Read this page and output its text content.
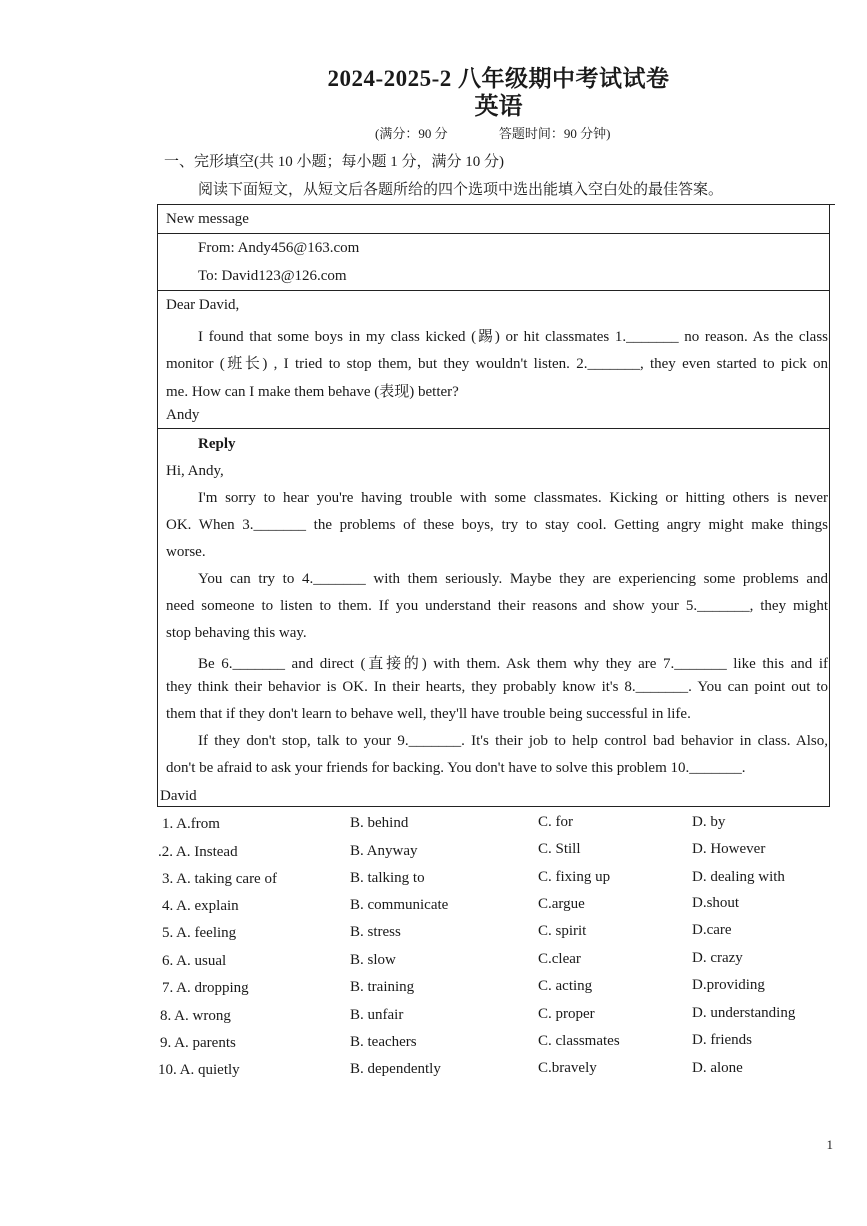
2024-2025-2 八年级期中考试试卷
英语
(满分：90 分	答题时间：90 分钟)
一、完形填空(共 10 小题；每小题 1 分，满分 10 分)
阅读下面短文，从短文后各题所给的四个选项中选出能填入空白处的最佳答案。
New message
From: Andy456@163.com
To: David123@126.com
Dear David,
I found that some boys in my class kicked (踢) or hit classmates 1._______ no reason. As the class
monitor (班长) , I tried to stop them, but they wouldn't listen. 2._______, they even started to pick on
me. How can I make them behave (表现) better?
Andy
Reply
Hi, Andy,
I'm sorry to hear you're having trouble with some classmates. Kicking or hitting others is never
OK. When 3._______ the problems of these boys, try to stay cool. Getting angry might make things
worse.
You can try to 4._______ with them seriously. Maybe they are experiencing some problems and
need someone to listen to them. If you understand their reasons and show your 5._______, they might
stop behaving this way.
Be 6._______ and direct (直接的) with them. Ask them why they are 7._______ like this and if
they think their behavior is OK. In their hearts, they probably know it's 8._______. You can point out to
them that if they don't learn to behave well, they'll have trouble being successful in life.
If they don't stop, talk to your 9._______. It's their job to help control bad behavior in class. Also,
don't be afraid to ask your friends for backing. You don't have to solve this problem 10._______.
David
1. A.from	B. behind	C. for	D. by
.2. A. Instead	B. Anyway	C. Still	D. However
3. A. taking care of	B. talking to	C. fixing up	D. dealing with
4. A. explain	B. communicate	C.argue	D.shout
5. A. feeling	B. stress	C. spirit	D.care
6. A. usual	B. slow	C.clear	D. crazy
7. A. dropping	B. training	C. acting	D.providing
8. A. wrong	B. unfair	C. proper	D. understanding
9. A. parents	B. teachers	C. classmates	D. friends
10. A. quietly	B. dependently	C.bravely	D. alone
1
